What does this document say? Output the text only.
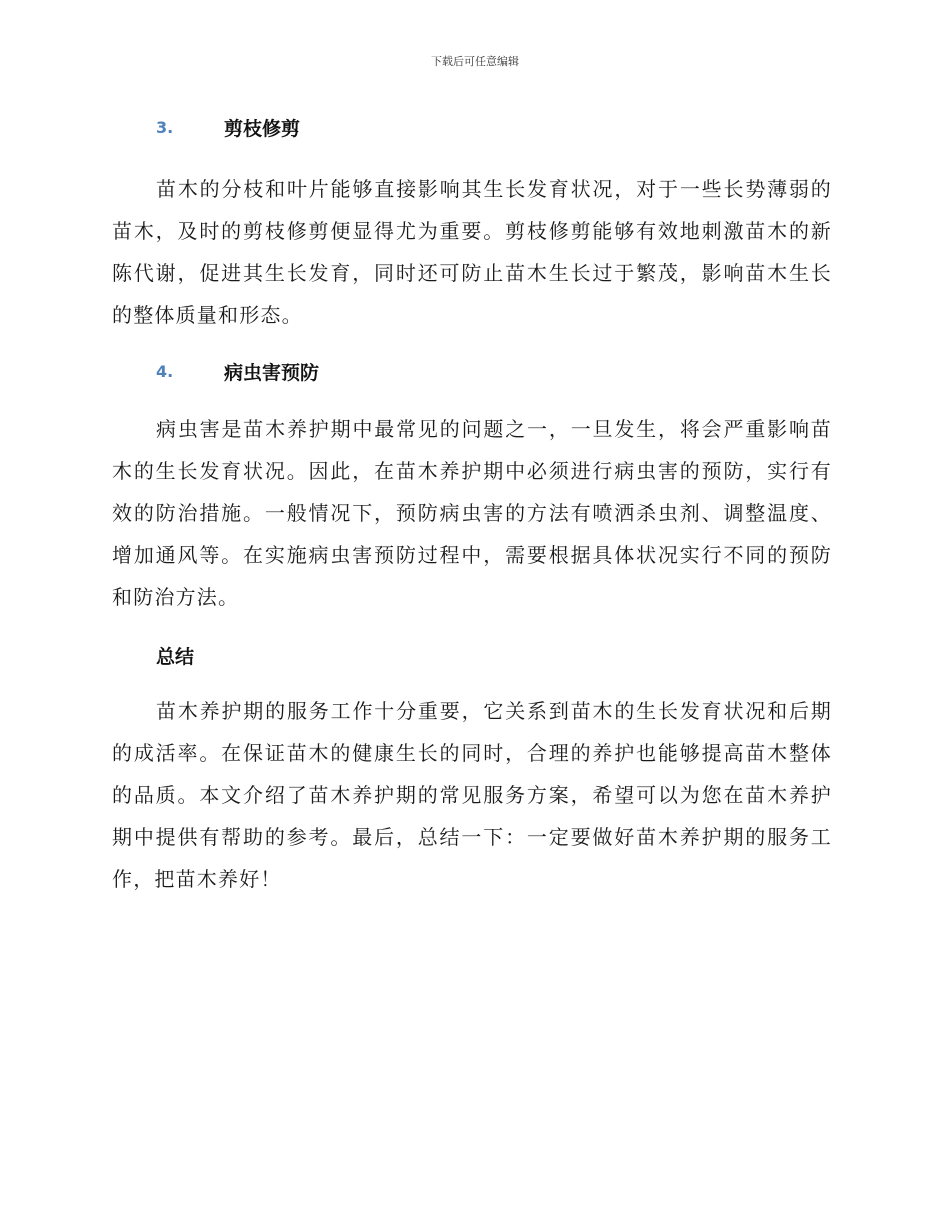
下载后可任意编辑
3.	剪枝修剪

苗木的分枝和叶片能够直接影响其生长发育状况，对于一些长势薄弱的苗木，及时的剪枝修剪便显得尤为重要。剪枝修剪能够有效地刺激苗木的新陈代谢，促进其生长发育，同时还可防止苗木生长过于繁茂，影响苗木生长的整体质量和形态。

4.	病虫害预防

病虫害是苗木养护期中最常见的问题之一，一旦发生，将会严重影响苗木的生长发育状况。因此，在苗木养护期中必须进行病虫害的预防，实行有效的防治措施。一般情况下，预防病虫害的方法有喷洒杀虫剂、调整温度、增加通风等。在实施病虫害预防过程中，需要根据具体状况实行不同的预防和防治方法。

总结

苗木养护期的服务工作十分重要，它关系到苗木的生长发育状况和后期的成活率。在保证苗木的健康生长的同时，合理的养护也能够提高苗木整体的品质。本文介绍了苗木养护期的常见服务方案，希望可以为您在苗木养护期中提供有帮助的参考。最后，总结一下：一定要做好苗木养护期的服务工作，把苗木养好！
